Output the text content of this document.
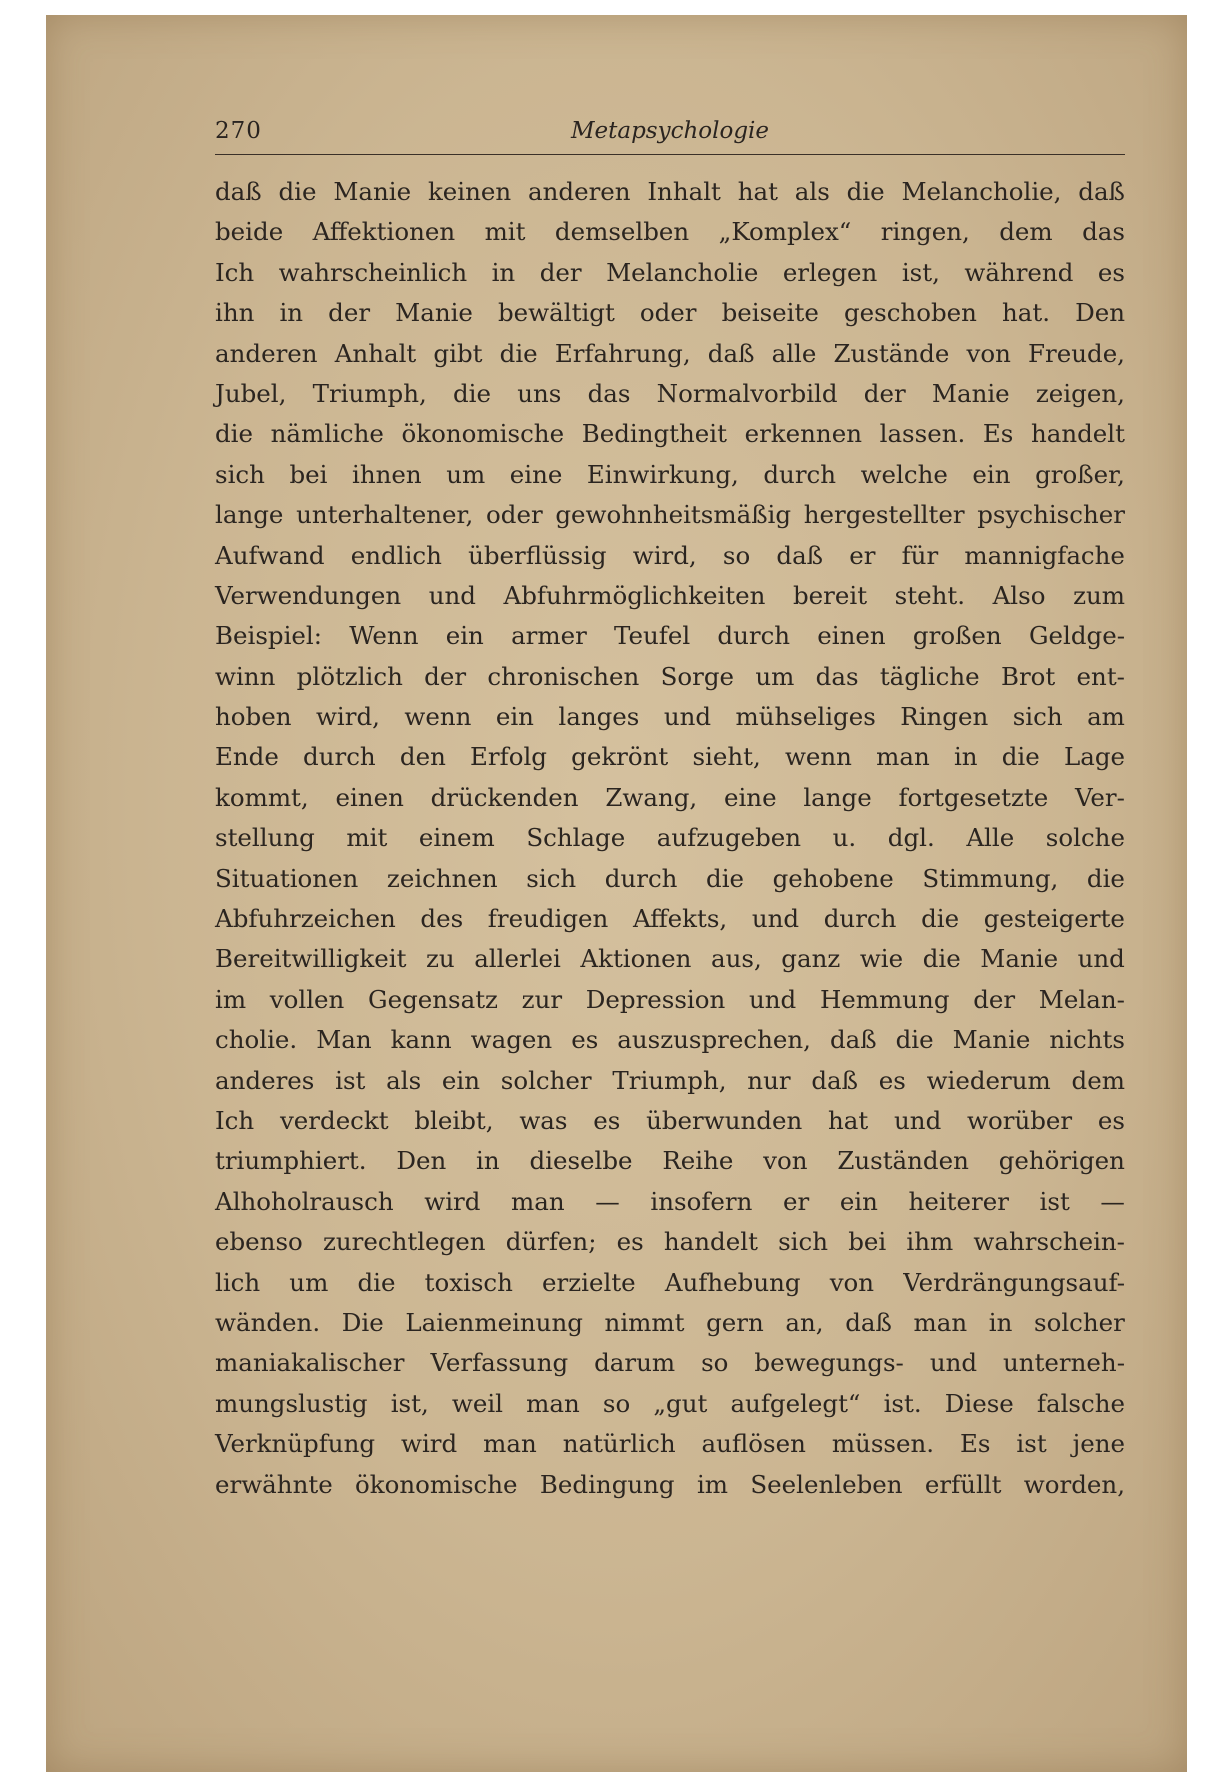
270	Metapsychologie
daß die Manie keinen anderen Inhalt hat als die Melancholie, daß
beide Affektionen mit demselben „Komplex“ ringen, dem das
Ich wahrscheinlich in der Melancholie erlegen ist, während es
ihn in der Manie bewältigt oder beiseite geschoben hat. Den
anderen Anhalt gibt die Erfahrung, daß alle Zustände von Freude,
Jubel, Triumph, die uns das Normalvorbild der Manie zeigen,
die nämliche ökonomische Bedingtheit erkennen lassen. Es handelt
sich bei ihnen um eine Einwirkung, durch welche ein großer,
lange unterhaltener, oder gewohnheitsmäßig hergestellter psychischer
Aufwand endlich überflüssig wird, so daß er für mannigfache
Verwendungen und Abfuhrmöglichkeiten bereit steht. Also zum
Beispiel: Wenn ein armer Teufel durch einen großen Geldge-
winn plötzlich der chronischen Sorge um das tägliche Brot ent-
hoben wird, wenn ein langes und mühseliges Ringen sich am
Ende durch den Erfolg gekrönt sieht, wenn man in die Lage
kommt, einen drückenden Zwang, eine lange fortgesetzte Ver-
stellung mit einem Schlage aufzugeben u. dgl. Alle solche
Situationen zeichnen sich durch die gehobene Stimmung, die
Abfuhrzeichen des freudigen Affekts, und durch die gesteigerte
Bereitwilligkeit zu allerlei Aktionen aus, ganz wie die Manie und
im vollen Gegensatz zur Depression und Hemmung der Melan-
cholie. Man kann wagen es auszusprechen, daß die Manie nichts
anderes ist als ein solcher Triumph, nur daß es wiederum dem
Ich verdeckt bleibt, was es überwunden hat und worüber es
triumphiert. Den in dieselbe Reihe von Zuständen gehörigen
Alhoholrausch wird man — insofern er ein heiterer ist —
ebenso zurechtlegen dürfen; es handelt sich bei ihm wahrschein-
lich um die toxisch erzielte Aufhebung von Verdrängungsauf-
wänden. Die Laienmeinung nimmt gern an, daß man in solcher
maniakalischer Verfassung darum so bewegungs- und unterneh-
mungslustig ist, weil man so „gut aufgelegt“ ist. Diese falsche
Verknüpfung wird man natürlich auflösen müssen. Es ist jene
erwähnte ökonomische Bedingung im Seelenleben erfüllt worden,
